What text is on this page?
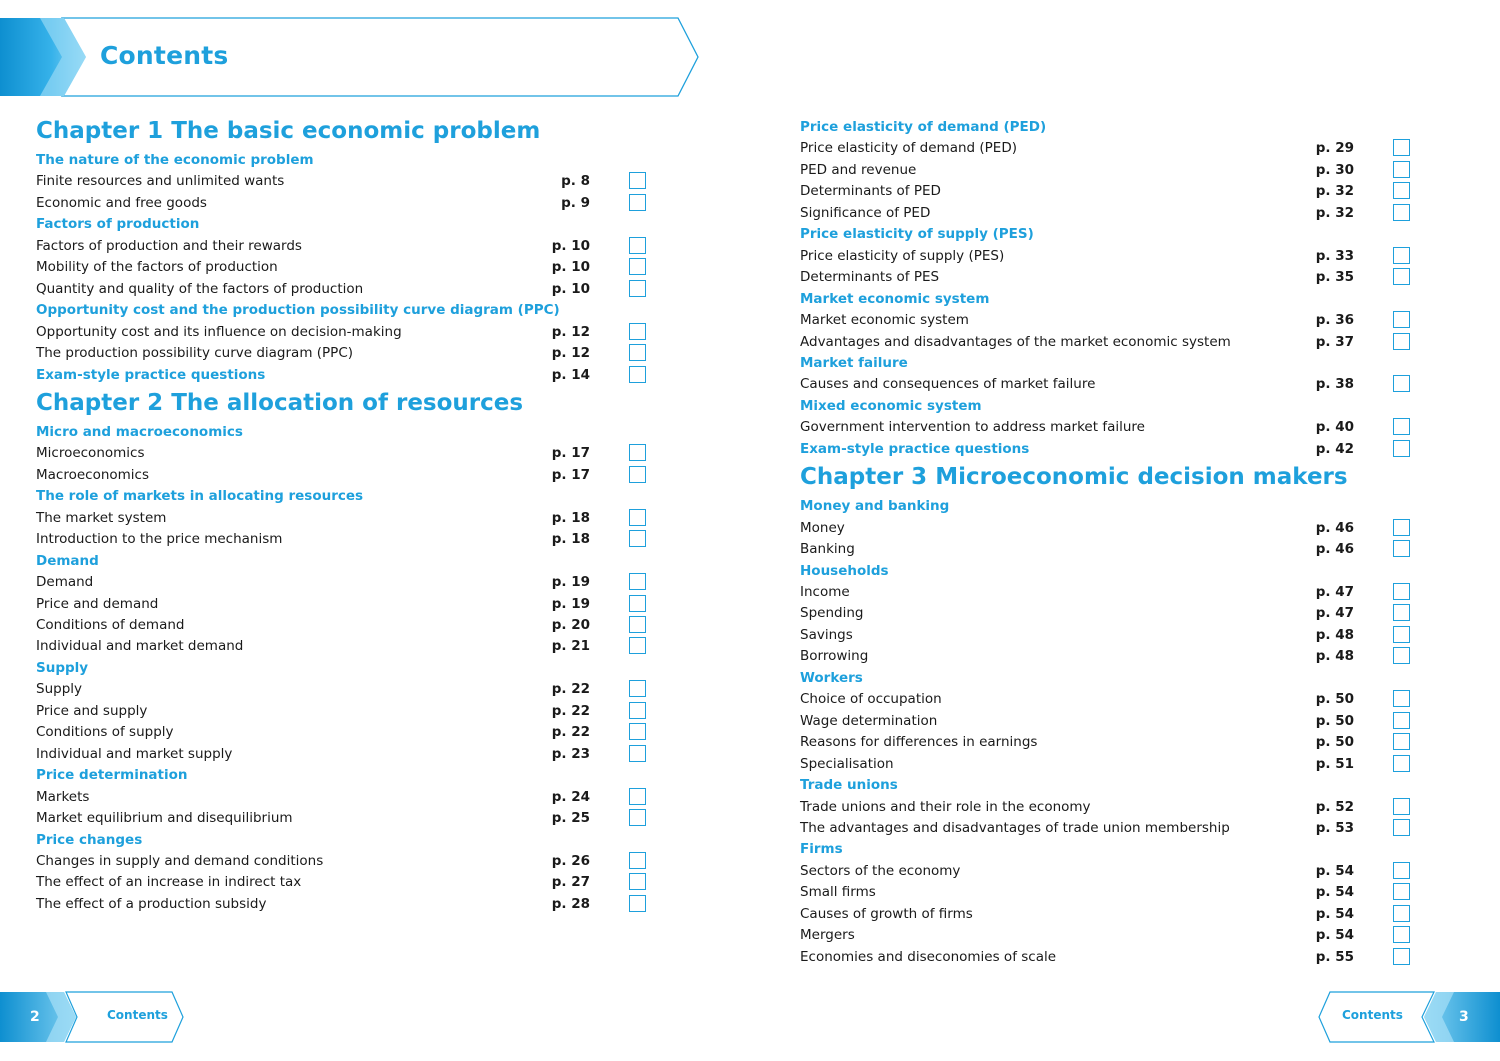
Contents
Chapter 1 The basic economic problem
The nature of the economic problem
Finite resources and unlimited wants	p. 8
Economic and free goods	p. 9
Factors of production
Factors of production and their rewards	p. 10
Mobility of the factors of production	p. 10
Quantity and quality of the factors of production	p. 10
Opportunity cost and the production possibility curve diagram (PPC)
Opportunity cost and its influence on decision-making	p. 12
The production possibility curve diagram (PPC)	p. 12
Exam-style practice questions	p. 14
Chapter 2 The allocation of resources
Micro and macroeconomics
Microeconomics	p. 17
Macroeconomics	p. 17
The role of markets in allocating resources
The market system	p. 18
Introduction to the price mechanism	p. 18
Demand
Demand	p. 19
Price and demand	p. 19
Conditions of demand	p. 20
Individual and market demand	p. 21
Supply
Supply	p. 22
Price and supply	p. 22
Conditions of supply	p. 22
Individual and market supply	p. 23
Price determination
Markets	p. 24
Market equilibrium and disequilibrium	p. 25
Price changes
Changes in supply and demand conditions	p. 26
The effect of an increase in indirect tax	p. 27
The effect of a production subsidy	p. 28
Price elasticity of demand (PED)
Price elasticity of demand (PED)	p. 29
PED and revenue	p. 30
Determinants of PED	p. 32
Significance of PED	p. 32
Price elasticity of supply (PES)
Price elasticity of supply (PES)	p. 33
Determinants of PES	p. 35
Market economic system
Market economic system	p. 36
Advantages and disadvantages of the market economic system	p. 37
Market failure
Causes and consequences of market failure	p. 38
Mixed economic system
Government intervention to address market failure	p. 40
Exam-style practice questions	p. 42
Chapter 3 Microeconomic decision makers
Money and banking
Money	p. 46
Banking	p. 46
Households
Income	p. 47
Spending	p. 47
Savings	p. 48
Borrowing	p. 48
Workers
Choice of occupation	p. 50
Wage determination	p. 50
Reasons for differences in earnings	p. 50
Specialisation	p. 51
Trade unions
Trade unions and their role in the economy	p. 52
The advantages and disadvantages of trade union membership	p. 53
Firms
Sectors of the economy	p. 54
Small firms	p. 54
Causes of growth of firms	p. 54
Mergers	p. 54
Economies and diseconomies of scale	p. 55
2	Contents	3
Contents
